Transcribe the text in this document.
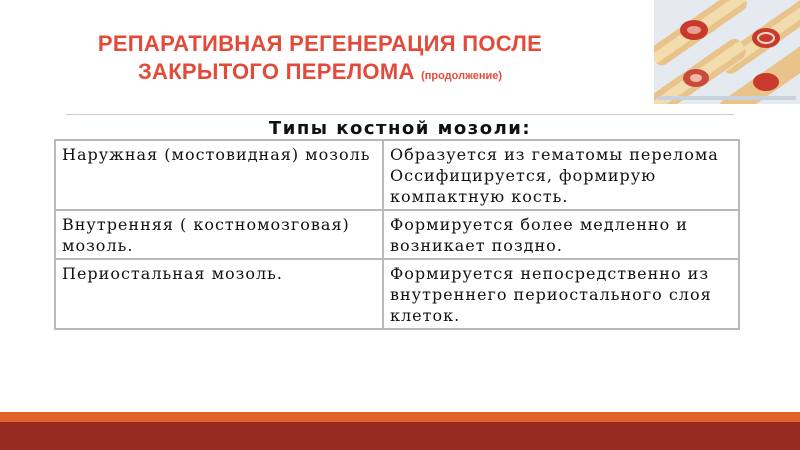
РЕПАРАТИВНАЯ РЕГЕНЕРАЦИЯ ПОСЛЕ
ЗАКРЫТОГО ПЕРЕЛОМА (продолжение)
Типы костной мозоли:
Наружная (мостовидная) мозоль	Образуется из гематомы перелома Оссифицируется, формирую компактную кость.
Внутренняя ( костномозговая) мозоль.	Формируется более медленно и возникает поздно.
Периостальная мозоль.	Формируется непосредственно из внутреннего периостального слоя клеток.
